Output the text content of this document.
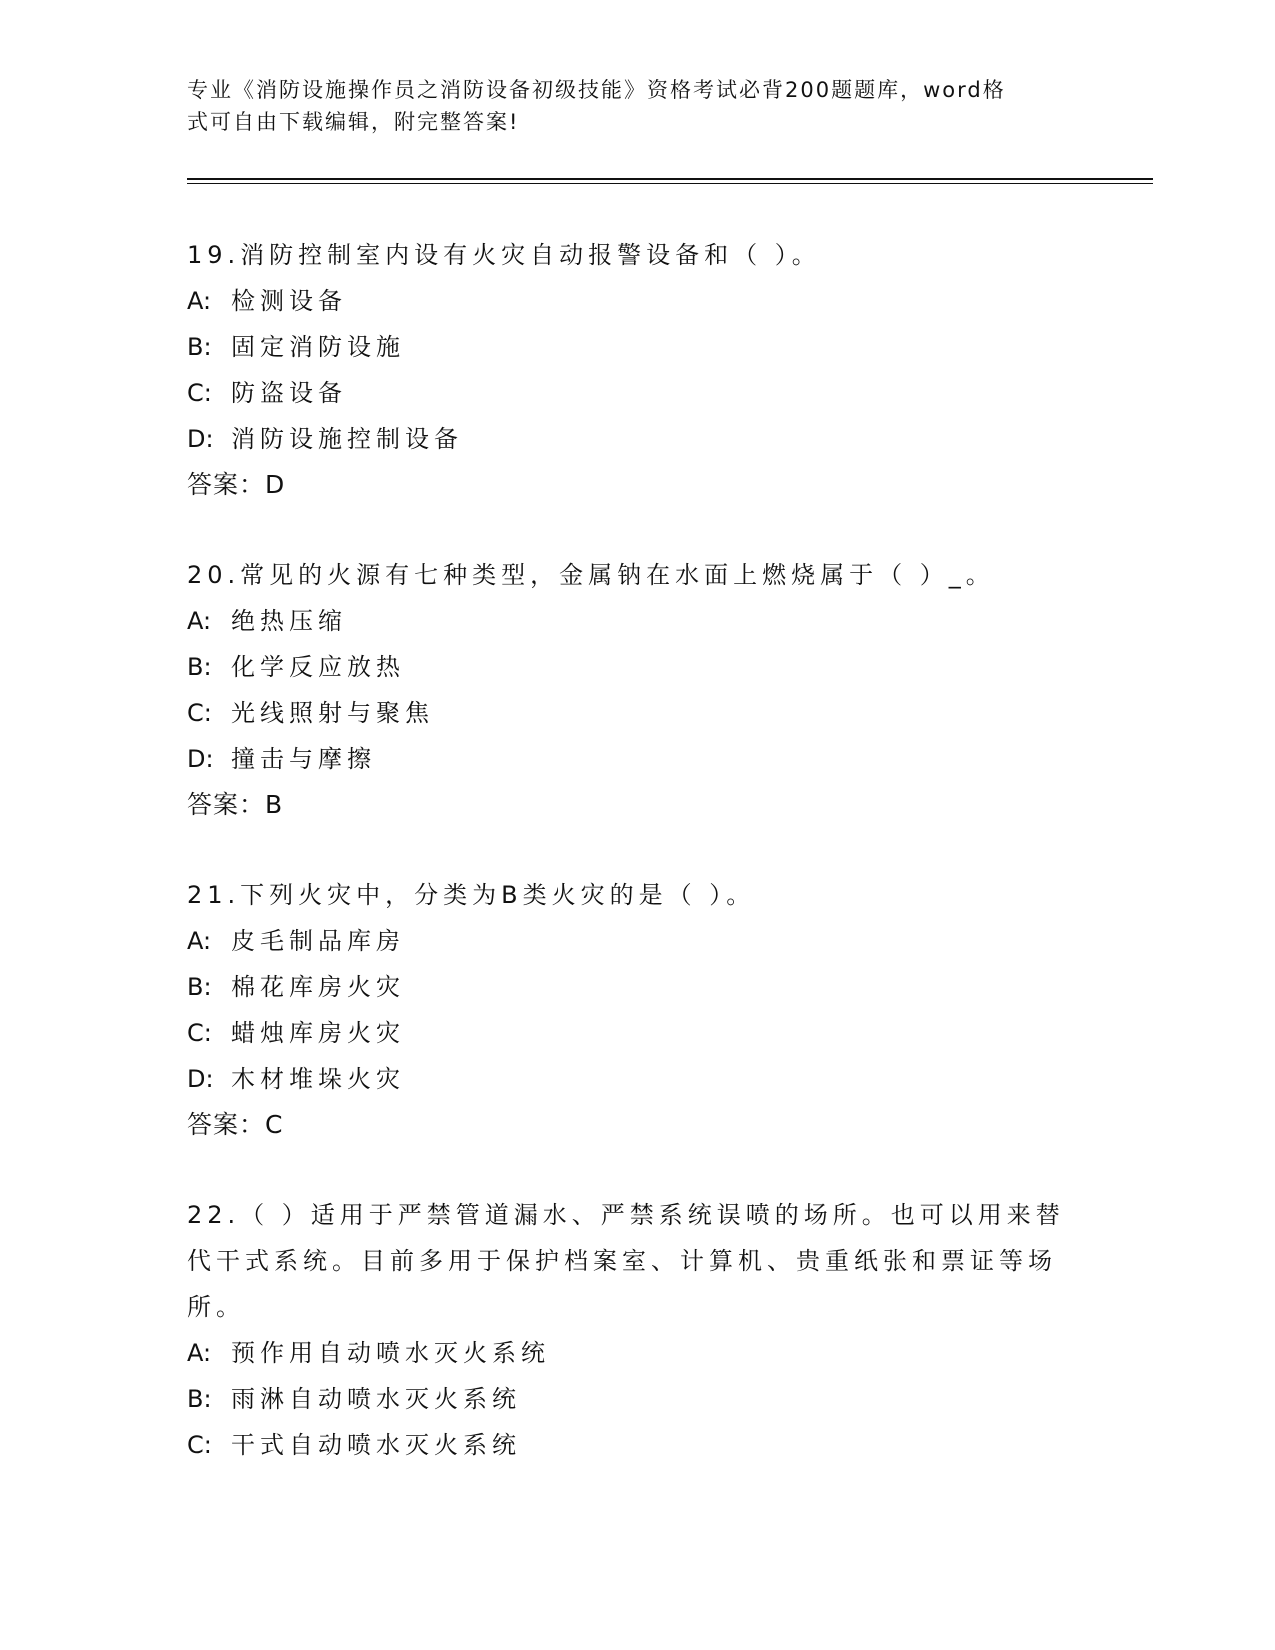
专业《消防设施操作员之消防设备初级技能》资格考试必背200题题库，word格
式可自由下载编辑，附完整答案!
19.消防控制室内设有火灾自动报警设备和（ ）。
A: 检测设备
B: 固定消防设施
C: 防盗设备
D: 消防设施控制设备
答案：D
20.常见的火源有七种类型，金属钠在水面上燃烧属于（ ）_。
A: 绝热压缩
B: 化学反应放热
C: 光线照射与聚焦
D: 撞击与摩擦
答案：B
21.下列火灾中，分类为B类火灾的是（ ）。
A: 皮毛制品库房
B: 棉花库房火灾
C: 蜡烛库房火灾
D: 木材堆垛火灾
答案：C
22.（ ）适用于严禁管道漏水、严禁系统误喷的场所。也可以用来替代干式系统。目前多用于保护档案室、计算机、贵重纸张和票证等场所。
A: 预作用自动喷水灭火系统
B: 雨淋自动喷水灭火系统
C: 干式自动喷水灭火系统
